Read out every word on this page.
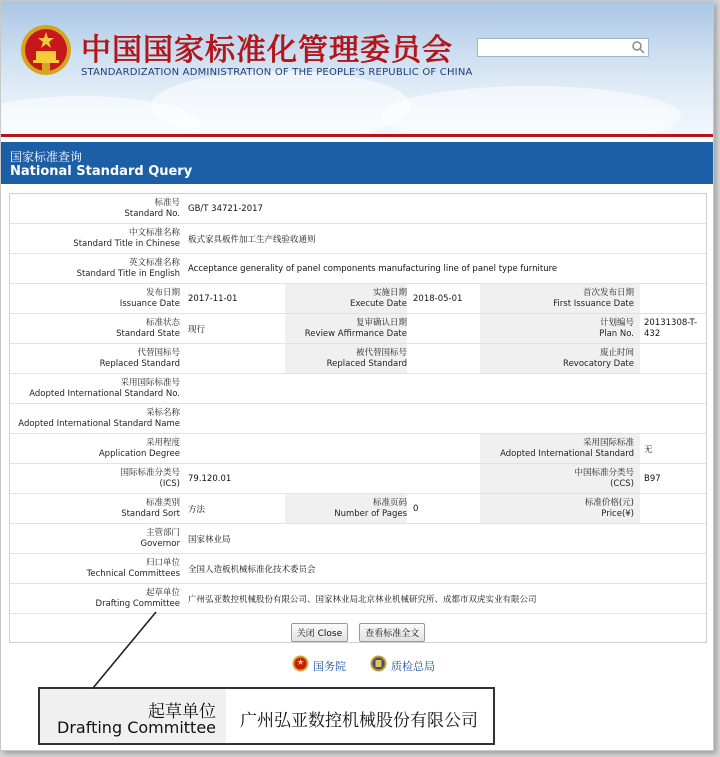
中国国家标准化管理委员会
STANDARDIZATION ADMINISTRATION OF THE PEOPLE'S REPUBLIC OF CHINA
国家标准查询
National Standard Query
标准号
Standard No. GB/T 34721-2017
中文标准名称
Standard Title in Chinese 板式家具板件加工生产线验收通则
英文标准名称
Standard Title in English Acceptance generality of panel components manufacturing line of panel type furniture
发布日期
Issuance Date 2017-11-01
实施日期
Execute Date 2018-05-01
首次发布日期
First Issuance Date
标准状态
Standard State 现行
复审确认日期
Review Affirmance Date
计划编号
Plan No.
20131308-T-432
代替国标号
Replaced Standard
被代替国标号
Replaced Standard
废止时间
Revocatory Date
采用国际标准号
Adopted International Standard No.
采标名称
Adopted International Standard Name
采用程度
Application Degree
采用国际标准
Adopted International Standard 无
国际标准分类号
(ICS) 79.120.01
中国标准分类号
(CCS) B97
标准类别
Standard Sort 方法
标准页码
Number of Pages 0
标准价格(元)
Price(¥)
主管部门
Governor 国家林业局
归口单位
Technical Committees 全国人造板机械标准化技术委员会
起草单位
Drafting Committee 广州弘亚数控机械股份有限公司、国家林业局北京林业机械研究所、成都市双虎实业有限公司
关闭 Close	查看标准全文
国务院	质检总局
起草单位
Drafting Committee 广州弘亚数控机械股份有限公司
